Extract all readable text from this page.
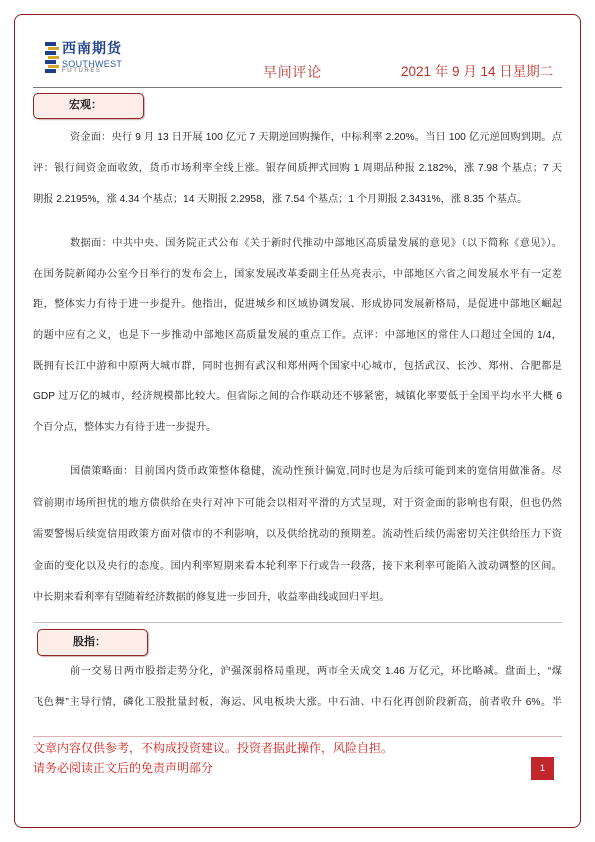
西南期货
SOUTHWEST
FUTURES	早间评论	2021 年 9 月 14 日星期二
宏观：
资金面：央行 9 月 13 日开展 100 亿元 7 天期逆回购操作，中标利率 2.20%。当日 100 亿元逆回购到期。点
评：银行间资金面收敛，货币市场利率全线上涨。银存间质押式回购 1 周期品种报 2.182%，涨 7.98 个基点；7 天
期报 2.2195%，涨 4.34 个基点；14 天期报 2.2958，涨 7.54 个基点；1 个月期报 2.3431%，涨 8.35 个基点。
数据面：中共中央、国务院正式公布《关于新时代推动中部地区高质量发展的意见》（以下简称《意见》）。
在国务院新闻办公室今日举行的发布会上，国家发展改革委副主任丛亮表示，中部地区六省之间发展水平有一定差
距，整体实力有待于进一步提升。他指出，促进城乡和区域协调发展、形成协同发展新格局，是促进中部地区崛起
的题中应有之义，也是下一步推动中部地区高质量发展的重点工作。点评：中部地区的常住人口超过全国的 1/4，
既拥有长江中游和中原两大城市群，同时也拥有武汉和郑州两个国家中心城市，包括武汉、长沙、郑州、合肥都是
GDP 过万亿的城市，经济规模都比较大。但省际之间的合作联动还不够紧密，城镇化率要低于全国平均水平大概 6
个百分点，整体实力有待于进一步提升。
国债策略面：目前国内货币政策整体稳健，流动性预计偏宽,同时也是为后续可能到来的宽信用做准备。尽
管前期市场所担忧的地方债供给在央行对冲下可能会以相对平滑的方式呈现，对于资金面的影响也有限，但也仍然
需要警惕后续宽信用政策方面对债市的不利影响，以及供给扰动的预期差。流动性后续仍需密切关注供给压力下资
金面的变化以及央行的态度。国内利率短期来看本轮利率下行或告一段落，接下来利率可能陷入波动调整的区间。
中长期来看利率有望随着经济数据的修复进一步回升，收益率曲线或回归平坦。
股指：
前一交易日两市股指走势分化，沪强深弱格局重现，两市全天成交 1.46 万亿元，环比略减。盘面上，“煤
飞色舞”主导行情，磷化工股批量封板，海运、风电板块大涨。中石油、中石化再创阶段新高，前者收升 6%。半
文章内容仅供参考，不构成投资建议。投资者据此操作，风险自担。
请务必阅读正文后的免责声明部分	1
